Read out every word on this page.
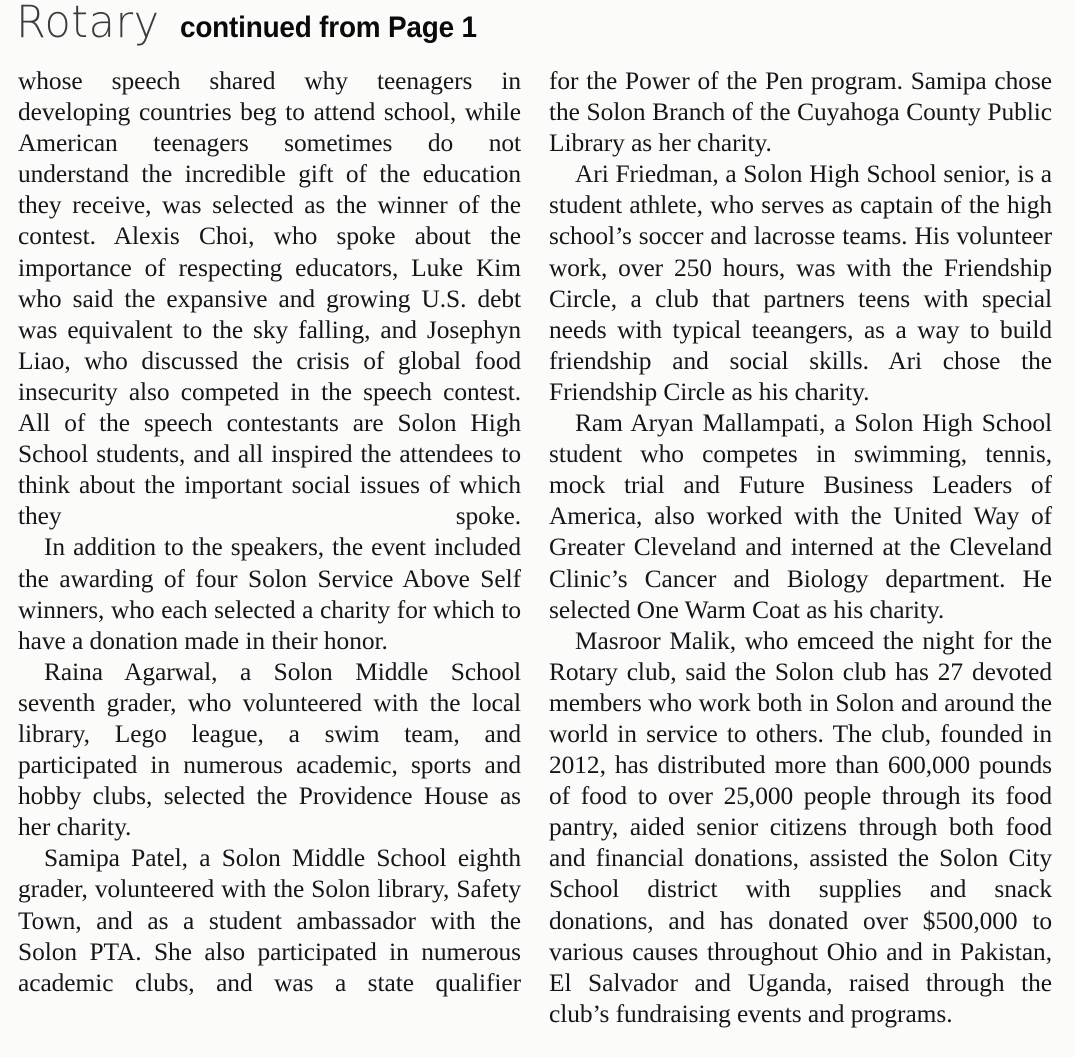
Rotary continued from Page 1

whose speech shared why teenagers in developing countries beg to attend school, while American teenagers sometimes do not understand the incredible gift of the education they receive, was selected as the winner of the contest. Alexis Choi, who spoke about the importance of respecting educators, Luke Kim who said the expansive and growing U.S. debt was equivalent to the sky falling, and Josephyn Liao, who discussed the crisis of global food insecurity also competed in the speech contest. All of the speech contestants are Solon High School students, and all inspired the attendees to think about the important social issues of which they spoke.

In addition to the speakers, the event included the awarding of four Solon Service Above Self winners, who each selected a charity for which to have a donation made in their honor.

Raina Agarwal, a Solon Middle School seventh grader, who volunteered with the local library, Lego league, a swim team, and participated in numerous academic, sports and hobby clubs, selected the Providence House as her charity.

Samipa Patel, a Solon Middle School eighth grader, volunteered with the Solon library, Safety Town, and as a student ambassador with the Solon PTA. She also participated in numerous academic clubs, and was a state qualifier

for the Power of the Pen program. Samipa chose the Solon Branch of the Cuyahoga County Public Library as her charity.

Ari Friedman, a Solon High School senior, is a student athlete, who serves as captain of the high school’s soccer and lacrosse teams. His volunteer work, over 250 hours, was with the Friendship Circle, a club that partners teens with special needs with typical teeangers, as a way to build friendship and social skills. Ari chose the Friendship Circle as his charity.

Ram Aryan Mallampati, a Solon High School student who competes in swimming, tennis, mock trial and Future Business Leaders of America, also worked with the United Way of Greater Cleveland and interned at the Cleveland Clinic’s Cancer and Biology department. He selected One Warm Coat as his charity.

Masroor Malik, who emceed the night for the Rotary club, said the Solon club has 27 devoted members who work both in Solon and around the world in service to others. The club, founded in 2012, has distributed more than 600,000 pounds of food to over 25,000 people through its food pantry, aided senior citizens through both food and financial donations, assisted the Solon City School district with supplies and snack donations, and has donated over $500,000 to various causes throughout Ohio and in Pakistan, El Salvador and Uganda, raised through the club’s fundraising events and programs.
